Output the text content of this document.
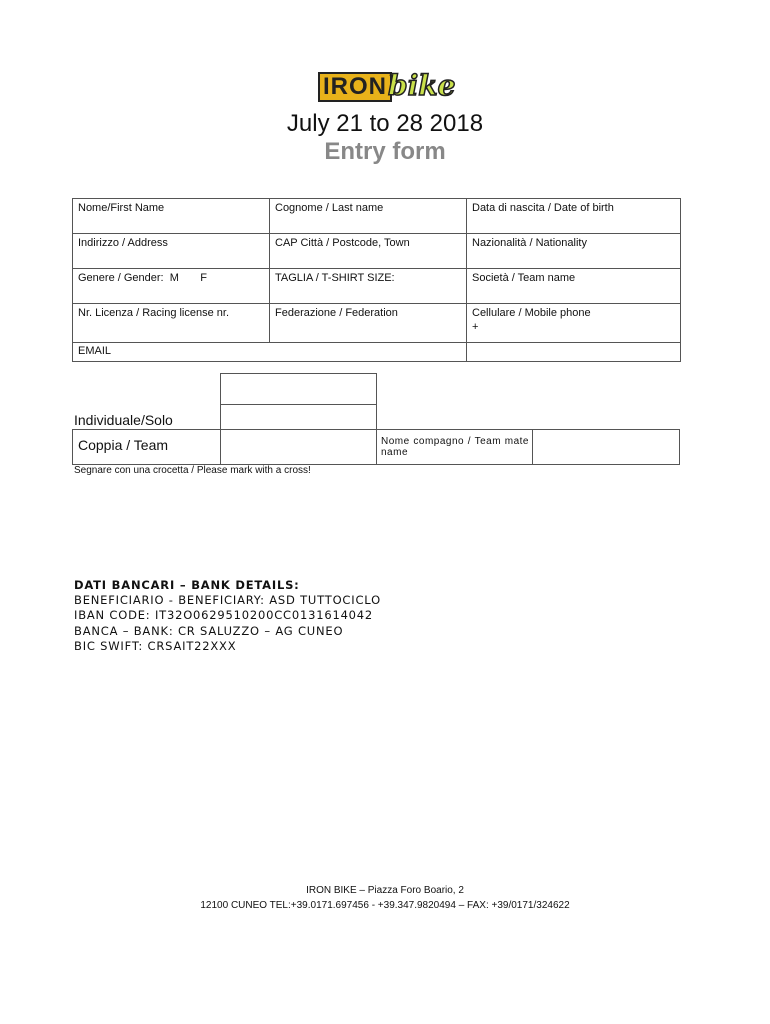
IRON bike
July 21 to 28 2018
Entry form
Nome/First Name	Cognome / Last name	Data di nascita / Date of birth
Indirizzo / Address	CAP Città / Postcode, Town	Nazionalità / Nationality
Genere / Gender:  M       F	TAGLIA / T-SHIRT SIZE:	Società / Team name
Nr. Licenza / Racing license nr.	Federazione / Federation	Cellulare / Mobile phone
+

EMAIL		
Individuale/Solo
Coppia / Team	Nome compagno / Team mate name
Segnare con una crocetta / Please mark with a cross!
DATI BANCARI – BANK DETAILS:
BENEFICIARIO - BENEFICIARY: ASD TUTTOCICLO
IBAN CODE: IT32O0629510200CC0131614042
BANCA – BANK: CR SALUZZO – AG CUNEO
BIC SWIFT: CRSAIT22XXX
IRON BIKE – Piazza Foro Boario, 2
12100 CUNEO TEL:+39.0171.697456 - +39.347.9820494 – FAX: +39/0171/324622
